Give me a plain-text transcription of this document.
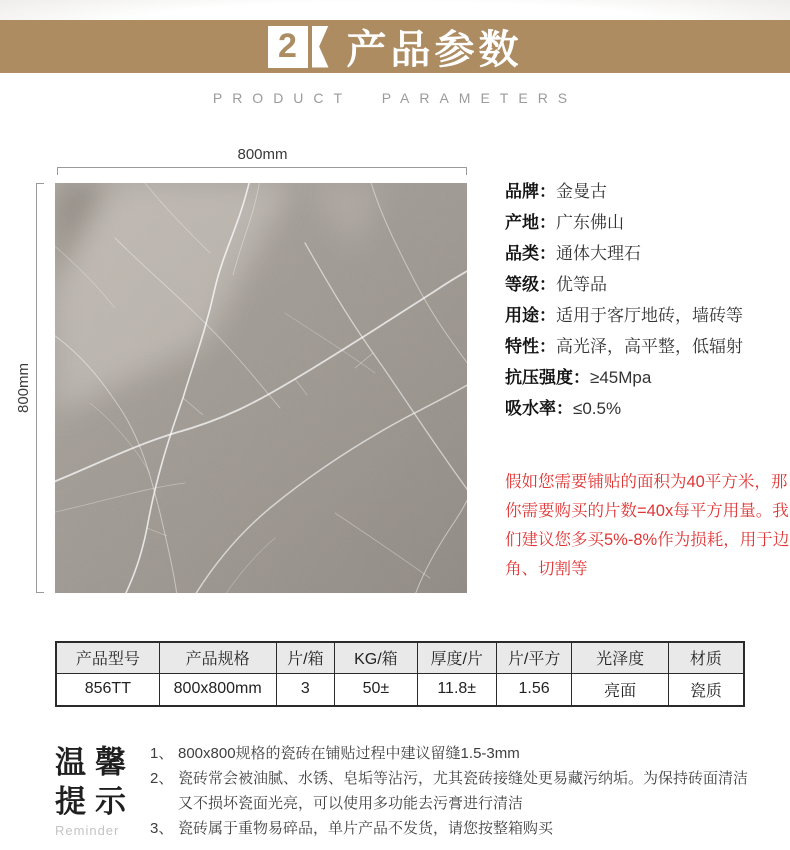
2 产品参数
PRODUCT PARAMETERS
800mm
800mm
品牌：金曼古
产地：广东佛山
品类：通体大理石
等级：优等品
用途：适用于客厅地砖，墙砖等
特性：高光泽，高平整，低辐射
抗压强度：≥45Mpa
吸水率：≤0.5%
假如您需要铺贴的面积为40平方米，那你需要购买的片数=40x每平方用量。我们建议您多买5%-8%作为损耗，用于边角、切割等
产品型号	产品规格	片/箱	KG/箱	厚度/片	片/平方	光泽度	材质
856TT	800x800mm	3	50±	11.8±	1.56	亮面	瓷质
温馨
提示
Reminder
1、 800x800规格的瓷砖在铺贴过程中建议留缝1.5-3mm
2、 瓷砖常会被油腻、水锈、皂垢等沾污，尤其瓷砖接缝处更易藏污纳垢。为保持砖面清洁又不损坏瓷面光亮，可以使用多功能去污膏进行清洁
3、 瓷砖属于重物易碎品，单片产品不发货，请您按整箱购买
